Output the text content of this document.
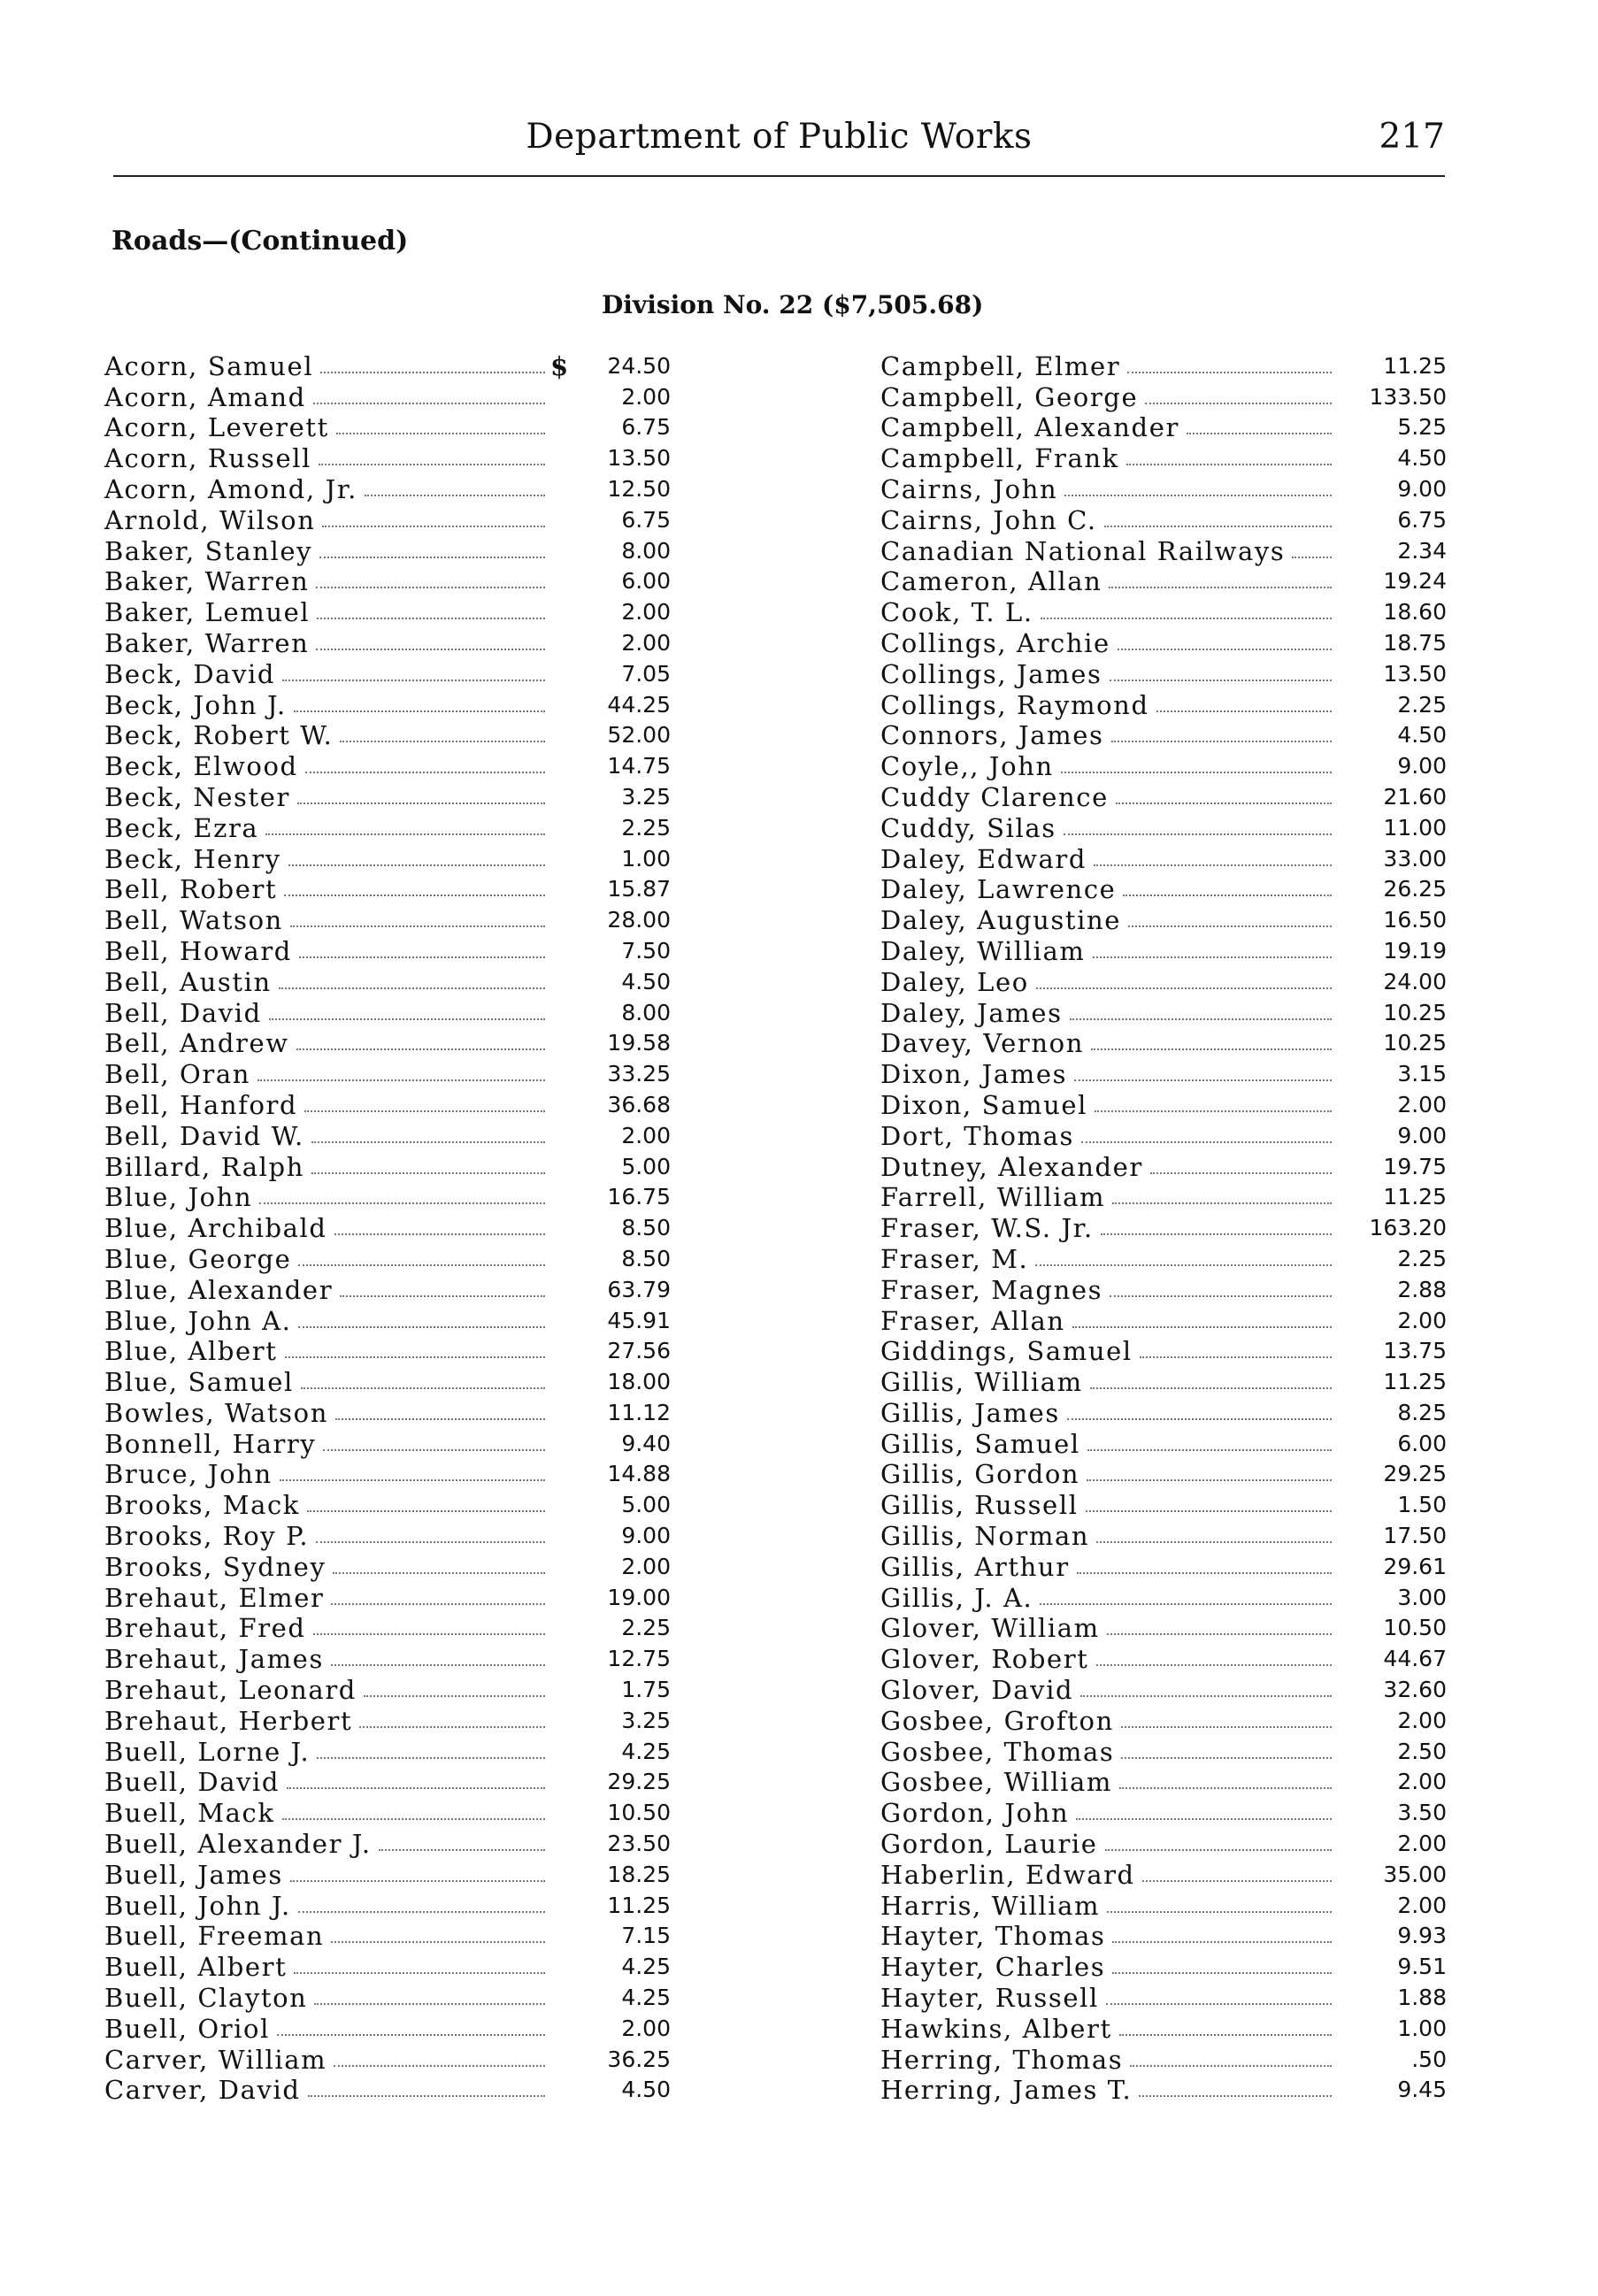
Department of Public Works	217
Roads—(Continued)
Division No. 22 ($7,505.68)
Acorn, Samuel	$	24.50
Acorn, Amand	2.00
Acorn, Leverett	6.75
Acorn, Russell	13.50
Acorn, Amond, Jr.	12.50
Arnold, Wilson	6.75
Baker, Stanley	8.00
Baker, Warren	6.00
Baker, Lemuel	2.00
Baker, Warren	2.00
Beck, David	7.05
Beck, John J.	44.25
Beck, Robert W.	52.00
Beck, Elwood	14.75
Beck, Nester	3.25
Beck, Ezra	2.25
Beck, Henry	1.00
Bell, Robert	15.87
Bell, Watson	28.00
Bell, Howard	7.50
Bell, Austin	4.50
Bell, David	8.00
Bell, Andrew	19.58
Bell, Oran	33.25
Bell, Hanford	36.68
Bell, David W.	2.00
Billard, Ralph	5.00
Blue, John	16.75
Blue, Archibald	8.50
Blue, George	8.50
Blue, Alexander	63.79
Blue, John A.	45.91
Blue, Albert	27.56
Blue, Samuel	18.00
Bowles, Watson	11.12
Bonnell, Harry	9.40
Bruce, John	14.88
Brooks, Mack	5.00
Brooks, Roy P.	9.00
Brooks, Sydney	2.00
Brehaut, Elmer	19.00
Brehaut, Fred	2.25
Brehaut, James	12.75
Brehaut, Leonard	1.75
Brehaut, Herbert	3.25
Buell, Lorne J.	4.25
Buell, David	29.25
Buell, Mack	10.50
Buell, Alexander J.	23.50
Buell, James	18.25
Buell, John J.	11.25
Buell, Freeman	7.15
Buell, Albert	4.25
Buell, Clayton	4.25
Buell, Oriol	2.00
Carver, William	36.25
Carver, David	4.50
Campbell, Elmer	11.25
Campbell, George	133.50
Campbell, Alexander	5.25
Campbell, Frank	4.50
Cairns, John	9.00
Cairns, John C.	6.75
Canadian National Railways	2.34
Cameron, Allan	19.24
Cook, T. L.	18.60
Collings, Archie	18.75
Collings, James	13.50
Collings, Raymond	2.25
Connors, James	4.50
Coyle,, John	9.00
Cuddy Clarence	21.60
Cuddy, Silas	11.00
Daley, Edward	33.00
Daley, Lawrence	26.25
Daley, Augustine	16.50
Daley, William	19.19
Daley, Leo	24.00
Daley, James	10.25
Davey, Vernon	10.25
Dixon, James	3.15
Dixon, Samuel	2.00
Dort, Thomas	9.00
Dutney, Alexander	19.75
Farrell, William	11.25
Fraser, W.S. Jr.	163.20
Fraser, M.	2.25
Fraser, Magnes	2.88
Fraser, Allan	2.00
Giddings, Samuel	13.75
Gillis, William	11.25
Gillis, James	8.25
Gillis, Samuel	6.00
Gillis, Gordon	29.25
Gillis, Russell	1.50
Gillis, Norman	17.50
Gillis, Arthur	29.61
Gillis, J. A.	3.00
Glover, William	10.50
Glover, Robert	44.67
Glover, David	32.60
Gosbee, Grofton	2.00
Gosbee, Thomas	2.50
Gosbee, William	2.00
Gordon, John	3.50
Gordon, Laurie	2.00
Haberlin, Edward	35.00
Harris, William	2.00
Hayter, Thomas	9.93
Hayter, Charles	9.51
Hayter, Russell	1.88
Hawkins, Albert	1.00
Herring, Thomas	.50
Herring, James T.	9.45
